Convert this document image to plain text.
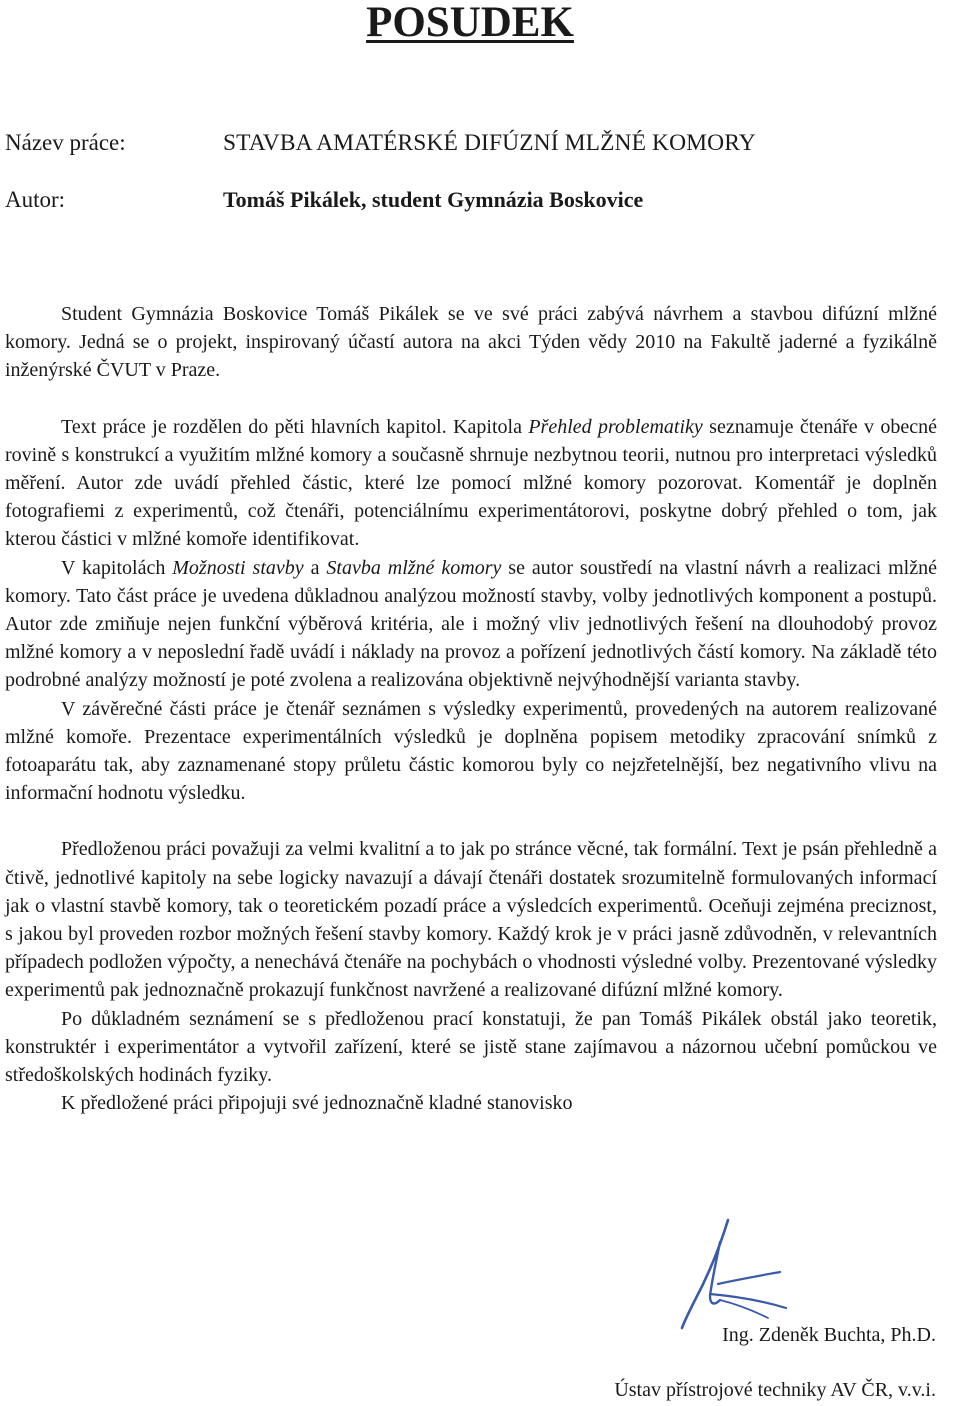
POSUDEK
Název práce:	STAVBA AMATÉRSKÉ DIFÚZNÍ MLŽNÉ KOMORY
Autor:	Tomáš Pikálek, student Gymnázia Boskovice

Student Gymnázia Boskovice Tomáš Pikálek se ve své práci zabývá návrhem a stavbou difúzní mlžné komory. Jedná se o projekt, inspirovaný účastí autora na akci Týden vědy 2010 na Fakultě jaderné a fyzikálně inženýrské ČVUT v Praze.

Text práce je rozdělen do pěti hlavních kapitol. Kapitola Přehled problematiky seznamuje čtenáře v obecné rovině s konstrukcí a využitím mlžné komory a současně shrnuje nezbytnou teorii, nutnou pro interpretaci výsledků měření. Autor zde uvádí přehled částic, které lze pomocí mlžné komory pozorovat. Komentář je doplněn fotografiemi z experimentů, což čtenáři, potenciálnímu experimentátorovi, poskytne dobrý přehled o tom, jak kterou částici v mlžné komoře identifikovat.

V kapitolách Možnosti stavby a Stavba mlžné komory se autor soustředí na vlastní návrh a realizaci mlžné komory. Tato část práce je uvedena důkladnou analýzou možností stavby, volby jednotlivých komponent a postupů. Autor zde zmiňuje nejen funkční výběrová kritéria, ale i možný vliv jednotlivých řešení na dlouhodobý provoz mlžné komory a v neposlední řadě uvádí i náklady na provoz a pořízení jednotlivých částí komory. Na základě této podrobné analýzy možností je poté zvolena a realizována objektivně nejvýhodnější varianta stavby.

V závěrečné části práce je čtenář seznámen s výsledky experimentů, provedených na autorem realizované mlžné komoře. Prezentace experimentálních výsledků je doplněna popisem metodiky zpracování snímků z fotoaparátu tak, aby zaznamenané stopy průletu částic komorou byly co nejzřetelnější, bez negativního vlivu na informační hodnotu výsledku.

Předloženou práci považuji za velmi kvalitní a to jak po stránce věcné, tak formální. Text je psán přehledně a čtivě, jednotlivé kapitoly na sebe logicky navazují a dávají čtenáři dostatek srozumitelně formulovaných informací jak o vlastní stavbě komory, tak o teoretickém pozadí práce a výsledcích experimentů. Oceňuji zejména preciznost, s jakou byl proveden rozbor možných řešení stavby komory. Každý krok je v práci jasně zdůvodněn, v relevantních případech podložen výpočty, a nenechává čtenáře na pochybách o vhodnosti výsledné volby. Prezentované výsledky experimentů pak jednoznačně prokazují funkčnost navržené a realizované difúzní mlžné komory.

Po důkladném seznámení se s předloženou prací konstatuji, že pan Tomáš Pikálek obstál jako teoretik, konstruktér i experimentátor a vytvořil zařízení, které se jistě stane zajímavou a názornou učební pomůckou ve středoškolských hodinách fyziky.

K předložené práci připojuji své jednoznačně kladné stanovisko

Ing. Zdeněk Buchta, Ph.D.
Ústav přístrojové techniky AV ČR, v.v.i.
